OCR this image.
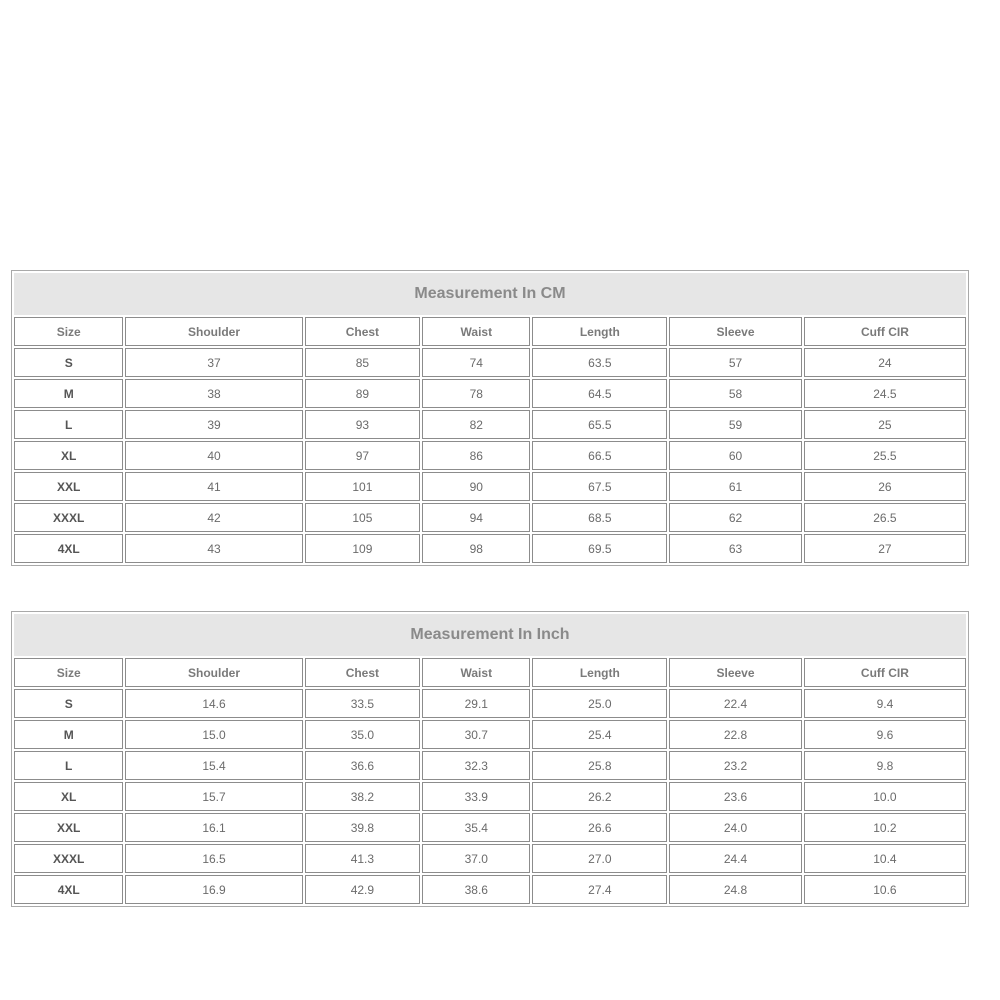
Measurement In CM						
Size	Shoulder	Chest	Waist	Length	Sleeve	Cuff CIR
S	37	85	74	63.5	57	24
M	38	89	78	64.5	58	24.5
L	39	93	82	65.5	59	25
XL	40	97	86	66.5	60	25.5
XXL	41	101	90	67.5	61	26
XXXL	42	105	94	68.5	62	26.5
4XL	43	109	98	69.5	63	27
Measurement In Inch						
Size	Shoulder	Chest	Waist	Length	Sleeve	Cuff CIR
S	14.6	33.5	29.1	25.0	22.4	9.4
M	15.0	35.0	30.7	25.4	22.8	9.6
L	15.4	36.6	32.3	25.8	23.2	9.8
XL	15.7	38.2	33.9	26.2	23.6	10.0
XXL	16.1	39.8	35.4	26.6	24.0	10.2
XXXL	16.5	41.3	37.0	27.0	24.4	10.4
4XL	16.9	42.9	38.6	27.4	24.8	10.6
